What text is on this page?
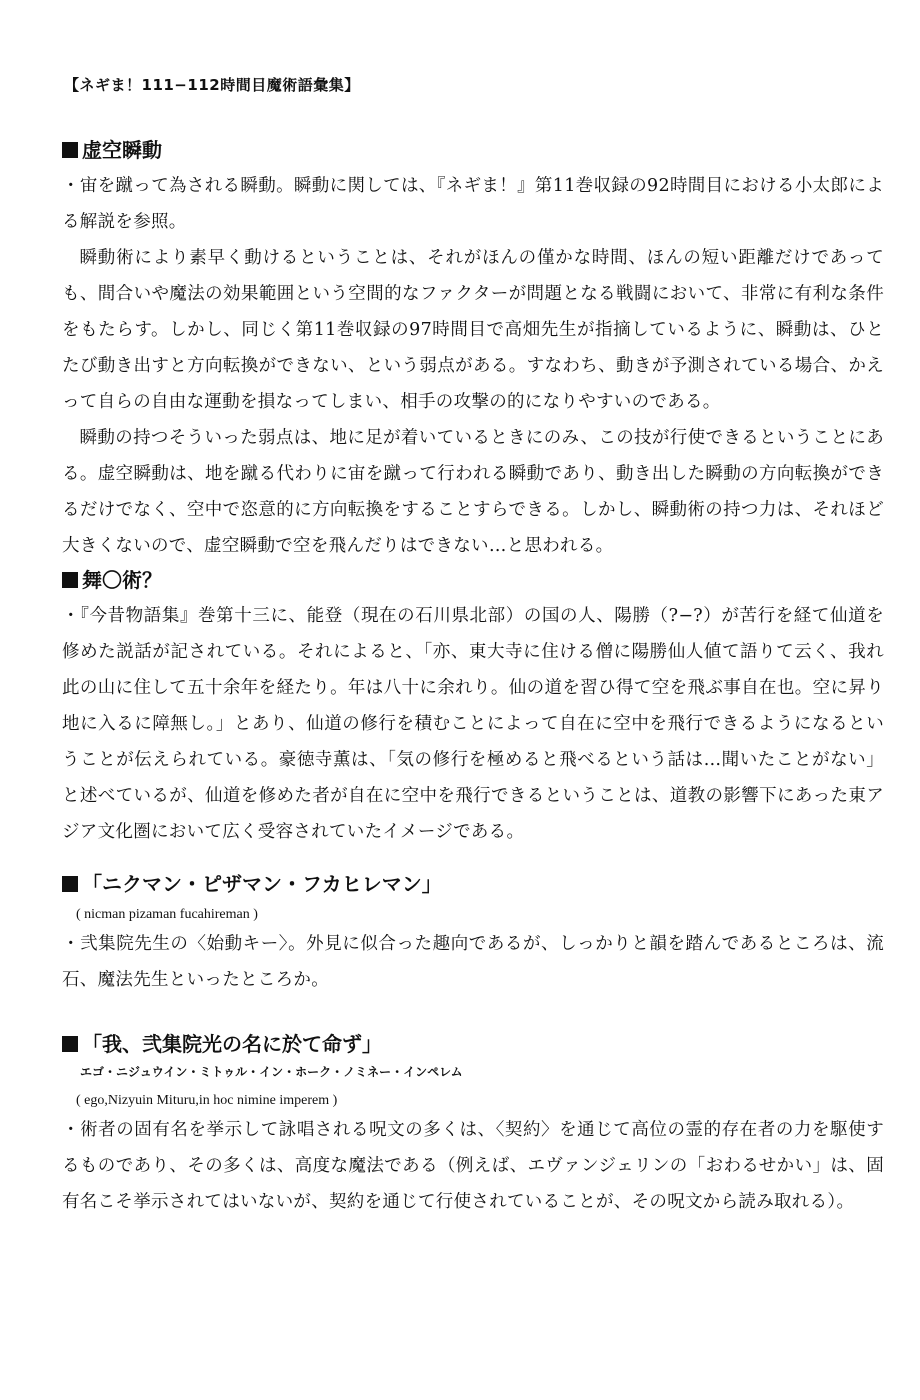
【ネギま！111−112時間目魔術語彙集】
虚空瞬動

・宙を蹴って為される瞬動。瞬動に関しては、『ネギま！』第11巻収録の92時間目における小太郎による解説を参照。

瞬動術により素早く動けるということは、それがほんの僅かな時間、ほんの短い距離だけであっても、間合いや魔法の効果範囲という空間的なファクターが問題となる戦闘において、非常に有利な条件をもたらす。しかし、同じく第11巻収録の97時間目で高畑先生が指摘しているように、瞬動は、ひとたび動き出すと方向転換ができない、という弱点がある。すなわち、動きが予測されている場合、かえって自らの自由な運動を損なってしまい、相手の攻撃の的になりやすいのである。

瞬動の持つそういった弱点は、地に足が着いているときにのみ、この技が行使できるということにある。虚空瞬動は、地を蹴る代わりに宙を蹴って行われる瞬動であり、動き出した瞬動の方向転換ができるだけでなく、空中で恣意的に方向転換をすることすらできる。しかし、瞬動術の持つ力は、それほど大きくないので、虚空瞬動で空を飛んだりはできない…と思われる。

舞〇術？

・『今昔物語集』巻第十三に、能登（現在の石川県北部）の国の人、陽勝（?−?）が苦行を経て仙道を修めた説話が記されている。それによると、「亦、東大寺に住ける僧に陽勝仙人値て語りて云く、我れ此の山に住して五十余年を経たり。年は八十に余れり。仙の道を習ひ得て空を飛ぶ事自在也。空に昇り地に入るに障無し。」とあり、仙道の修行を積むことによって自在に空中を飛行できるようになるということが伝えられている。豪徳寺薫は、「気の修行を極めると飛べるという話は…聞いたことがない」と述べているが、仙道を修めた者が自在に空中を飛行できるということは、道教の影響下にあった東アジア文化圏において広く受容されていたイメージである。

「ニクマン・ピザマン・フカヒレマン」
( nicman pizaman fucahireman )

・弐集院先生の〈始動キー〉。外見に似合った趣向であるが、しっかりと韻を踏んであるところは、流石、魔法先生といったところか。

「我、弐集院光の名に於て命ず」
エゴ・ニジュウイン・ミトゥル・イン・ホーク・ノミネー・インペレム
( ego,Nizyuin Mituru,in hoc nimine imperem )

・術者の固有名を挙示して詠唱される呪文の多くは、〈契約〉を通じて高位の霊的存在者の力を駆使するものであり、その多くは、高度な魔法である（例えば、エヴァンジェリンの「おわるせかい」は、固有名こそ挙示されてはいないが、契約を通じて行使されていることが、その呪文から読み取れる）。
